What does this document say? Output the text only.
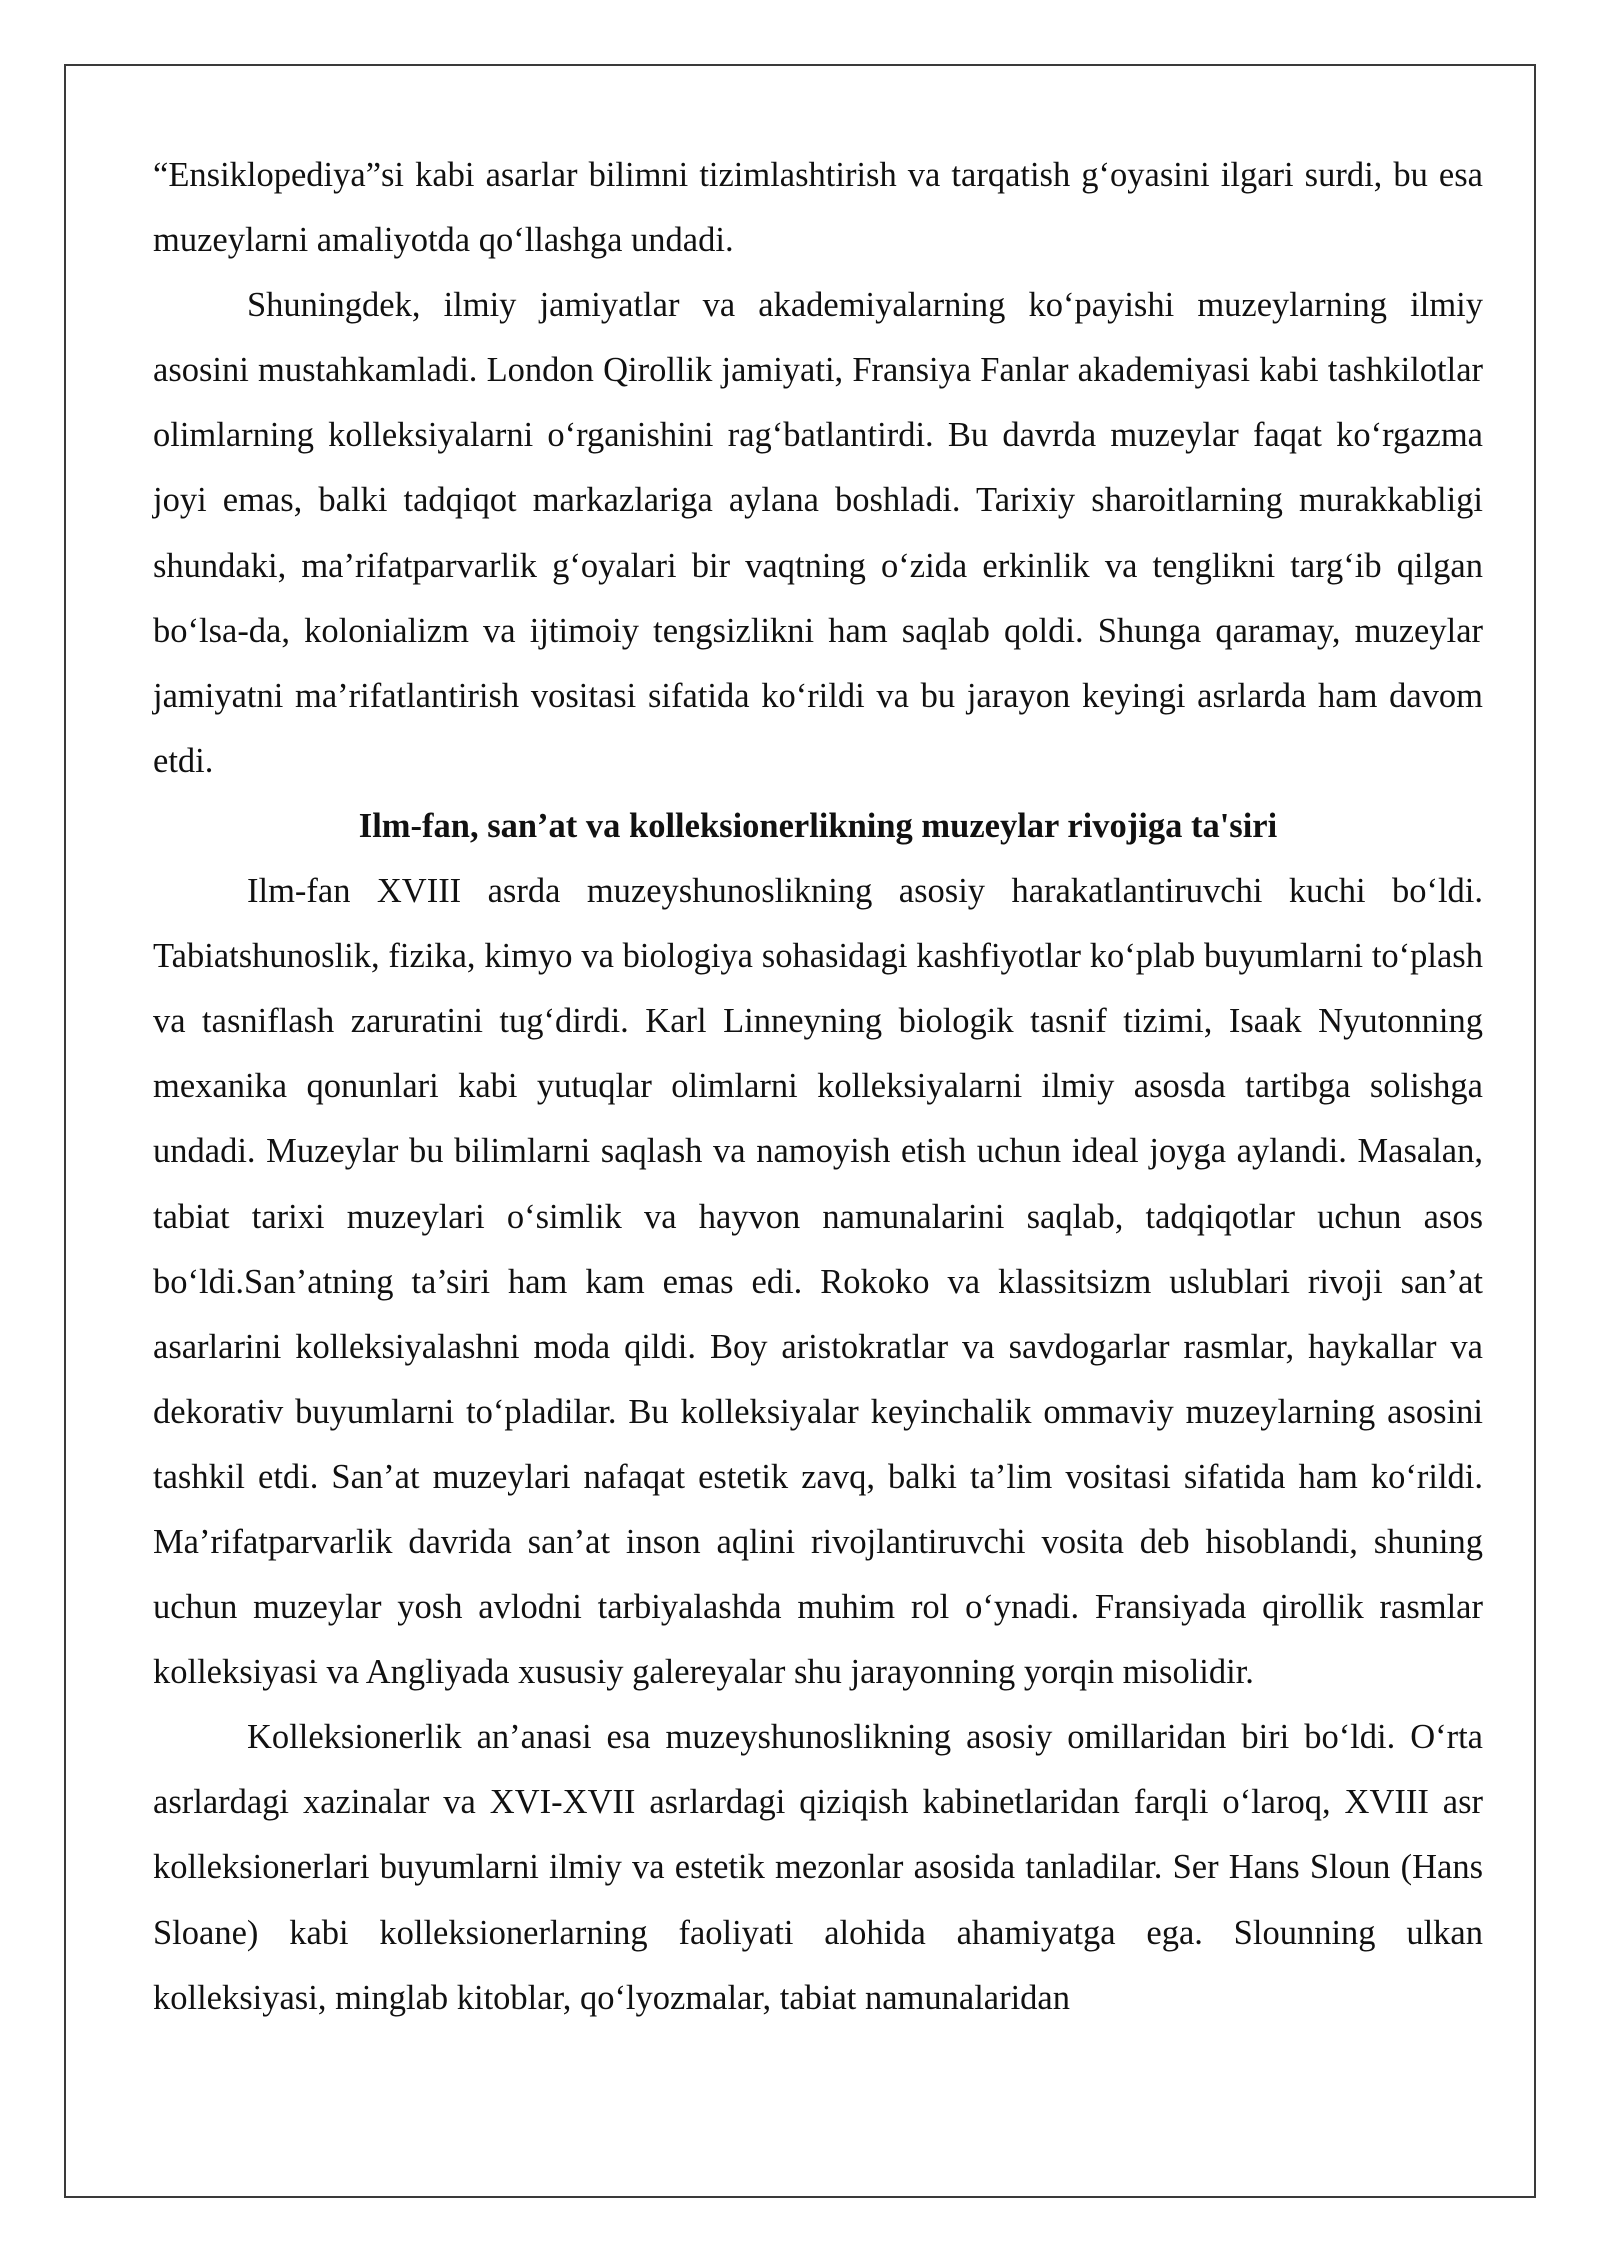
“Ensiklopediya”si kabi asarlar bilimni tizimlashtirish va tarqatish g‘oyasini ilgari surdi, bu esa muzeylarni amaliyotda qo‘llashga undadi.

Shuningdek, ilmiy jamiyatlar va akademiyalarning ko‘payishi muzeylarning ilmiy asosini mustahkamladi. London Qirollik jamiyati, Fransiya Fanlar akademiyasi kabi tashkilotlar olimlarning kolleksiyalarni o‘rganishini rag‘batlantirdi. Bu davrda muzeylar faqat ko‘rgazma joyi emas, balki tadqiqot markazlariga aylana boshladi. Tarixiy sharoitlarning murakkabligi shundaki, ma’rifatparvarlik g‘oyalari bir vaqtning o‘zida erkinlik va tenglikni targ‘ib qilgan bo‘lsa-da, kolonializm va ijtimoiy tengsizlikni ham saqlab qoldi. Shunga qaramay, muzeylar jamiyatni ma’rifatlantirish vositasi sifatida ko‘rildi va bu jarayon keyingi asrlarda ham davom etdi.

Ilm-fan, san’at va kolleksionerlikning muzeylar rivojiga ta'siri

Ilm-fan XVIII asrda muzeyshunoslikning asosiy harakatlantiruvchi kuchi bo‘ldi. Tabiatshunoslik, fizika, kimyo va biologiya sohasidagi kashfiyotlar ko‘plab buyumlarni to‘plash va tasniflash zaruratini tug‘dirdi. Karl Linneyning biologik tasnif tizimi, Isaak Nyutonning mexanika qonunlari kabi yutuqlar olimlarni kolleksiyalarni ilmiy asosda tartibga solishga undadi. Muzeylar bu bilimlarni saqlash va namoyish etish uchun ideal joyga aylandi. Masalan, tabiat tarixi muzeylari o‘simlik va hayvon namunalarini saqlab, tadqiqotlar uchun asos bo‘ldi.San’atning ta’siri ham kam emas edi. Rokoko va klassitsizm uslublari rivoji san’at asarlarini kolleksiyalashni moda qildi. Boy aristokratlar va savdogarlar rasmlar, haykallar va dekorativ buyumlarni to‘pladilar. Bu kolleksiyalar keyinchalik ommaviy muzeylarning asosini tashkil etdi. San’at muzeylari nafaqat estetik zavq, balki ta’lim vositasi sifatida ham ko‘rildi. Ma’rifatparvarlik davrida san’at inson aqlini rivojlantiruvchi vosita deb hisoblandi, shuning uchun muzeylar yosh avlodni tarbiyalashda muhim rol o‘ynadi. Fransiyada qirollik rasmlar kolleksiyasi va Angliyada xususiy galereyalar shu jarayonning yorqin misolidir.

Kolleksionerlik an’anasi esa muzeyshunoslikning asosiy omillaridan biri bo‘ldi. O‘rta asrlardagi xazinalar va XVI-XVII asrlardagi qiziqish kabinetlaridan farqli o‘laroq, XVIII asr kolleksionerlari buyumlarni ilmiy va estetik mezonlar asosida tanladilar. Ser Hans Sloun (Hans Sloane) kabi kolleksionerlarning faoliyati alohida ahamiyatga ega. Slounning ulkan kolleksiyasi, minglab kitoblar, qo‘lyozmalar, tabiat namunalaridan
